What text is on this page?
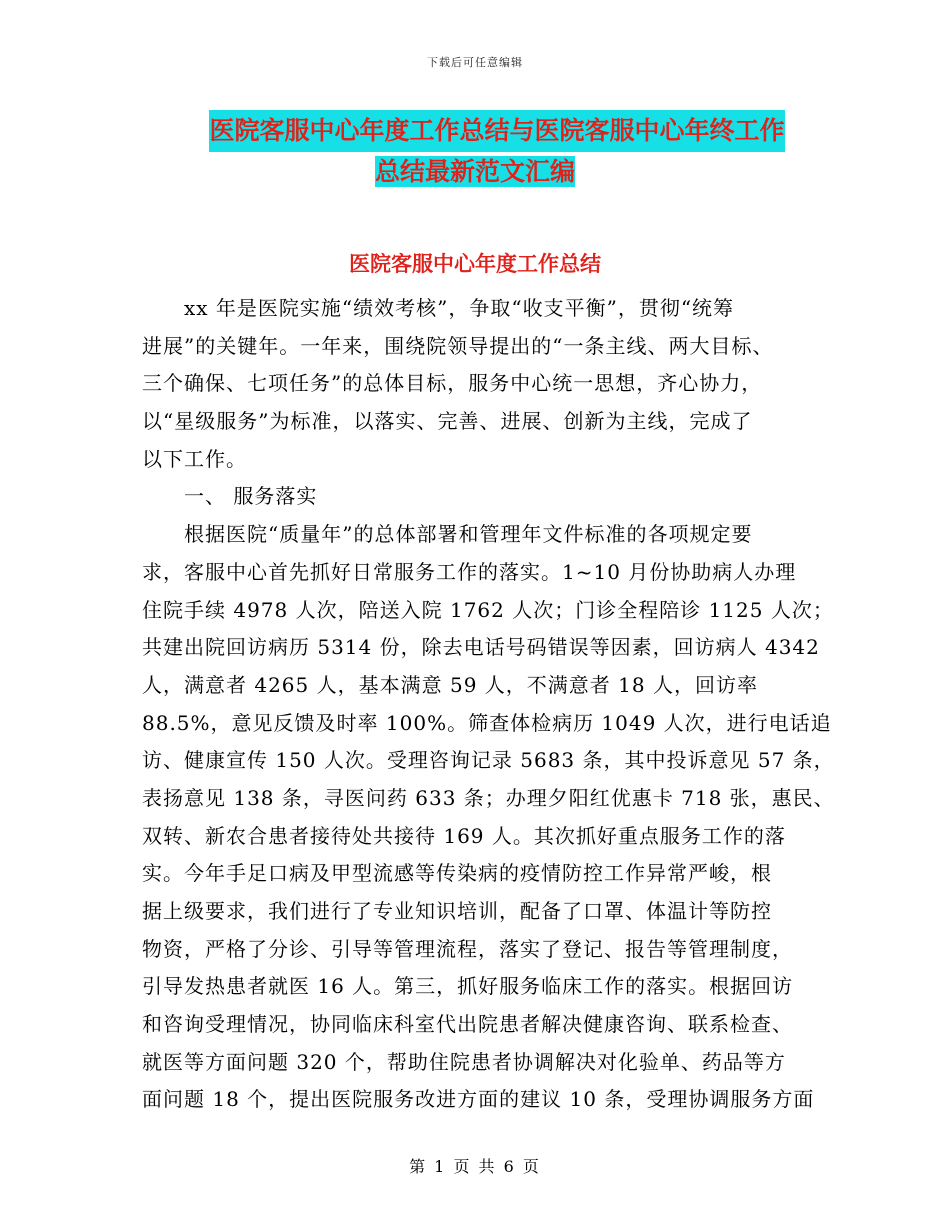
下载后可任意编辑
医院客服中心年度工作总结与医院客服中心年终工作
总结最新范文汇编
医院客服中心年度工作总结
　　xx 年是医院实施“绩效考核”，争取“收支平衡”，贯彻“统筹
进展”的关键年。一年来，围绕院领导提出的“一条主线、两大目标、
三个确保、七项任务”的总体目标，服务中心统一思想，齐心协力，
以“星级服务”为标准，以落实、完善、进展、创新为主线，完成了
以下工作。
　　一、 服务落实
　　根据医院“质量年”的总体部署和管理年文件标准的各项规定要
求，客服中心首先抓好日常服务工作的落实。1~10 月份协助病人办理
住院手续 4978 人次，陪送入院 1762 人次；门诊全程陪诊 1125 人次；
共建出院回访病历 5314 份，除去电话号码错误等因素，回访病人 4342
人，满意者 4265 人，基本满意 59 人，不满意者 18 人，回访率
88.5%，意见反馈及时率 100%。筛查体检病历 1049 人次，进行电话追
访、健康宣传 150 人次。受理咨询记录 5683 条，其中投诉意见 57 条，
表扬意见 138 条，寻医问药 633 条；办理夕阳红优惠卡 718 张，惠民、
双转、新农合患者接待处共接待 169 人。其次抓好重点服务工作的落
实。今年手足口病及甲型流感等传染病的疫情防控工作异常严峻，根
据上级要求，我们进行了专业知识培训，配备了口罩、体温计等防控
物资，严格了分诊、引导等管理流程，落实了登记、报告等管理制度，
引导发热患者就医 16 人。第三，抓好服务临床工作的落实。根据回访
和咨询受理情况，协同临床科室代出院患者解决健康咨询、联系检查、
就医等方面问题 320 个，帮助住院患者协调解决对化验单、药品等方
面问题 18 个，提出医院服务改进方面的建议 10 条，受理协调服务方面
第 1 页 共 6 页
